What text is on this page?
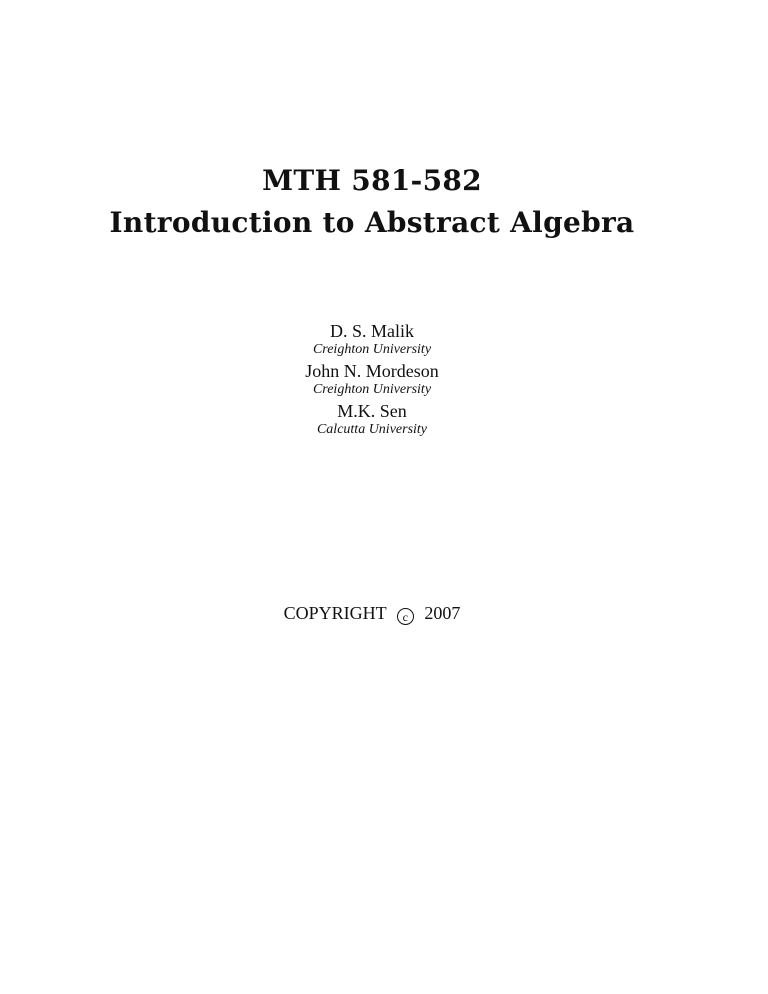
MTH 581-582
Introduction to Abstract Algebra
D. S. Malik
Creighton University
John N. Mordeson
Creighton University
M.K. Sen
Calcutta University
COPYRIGHT c 2007
